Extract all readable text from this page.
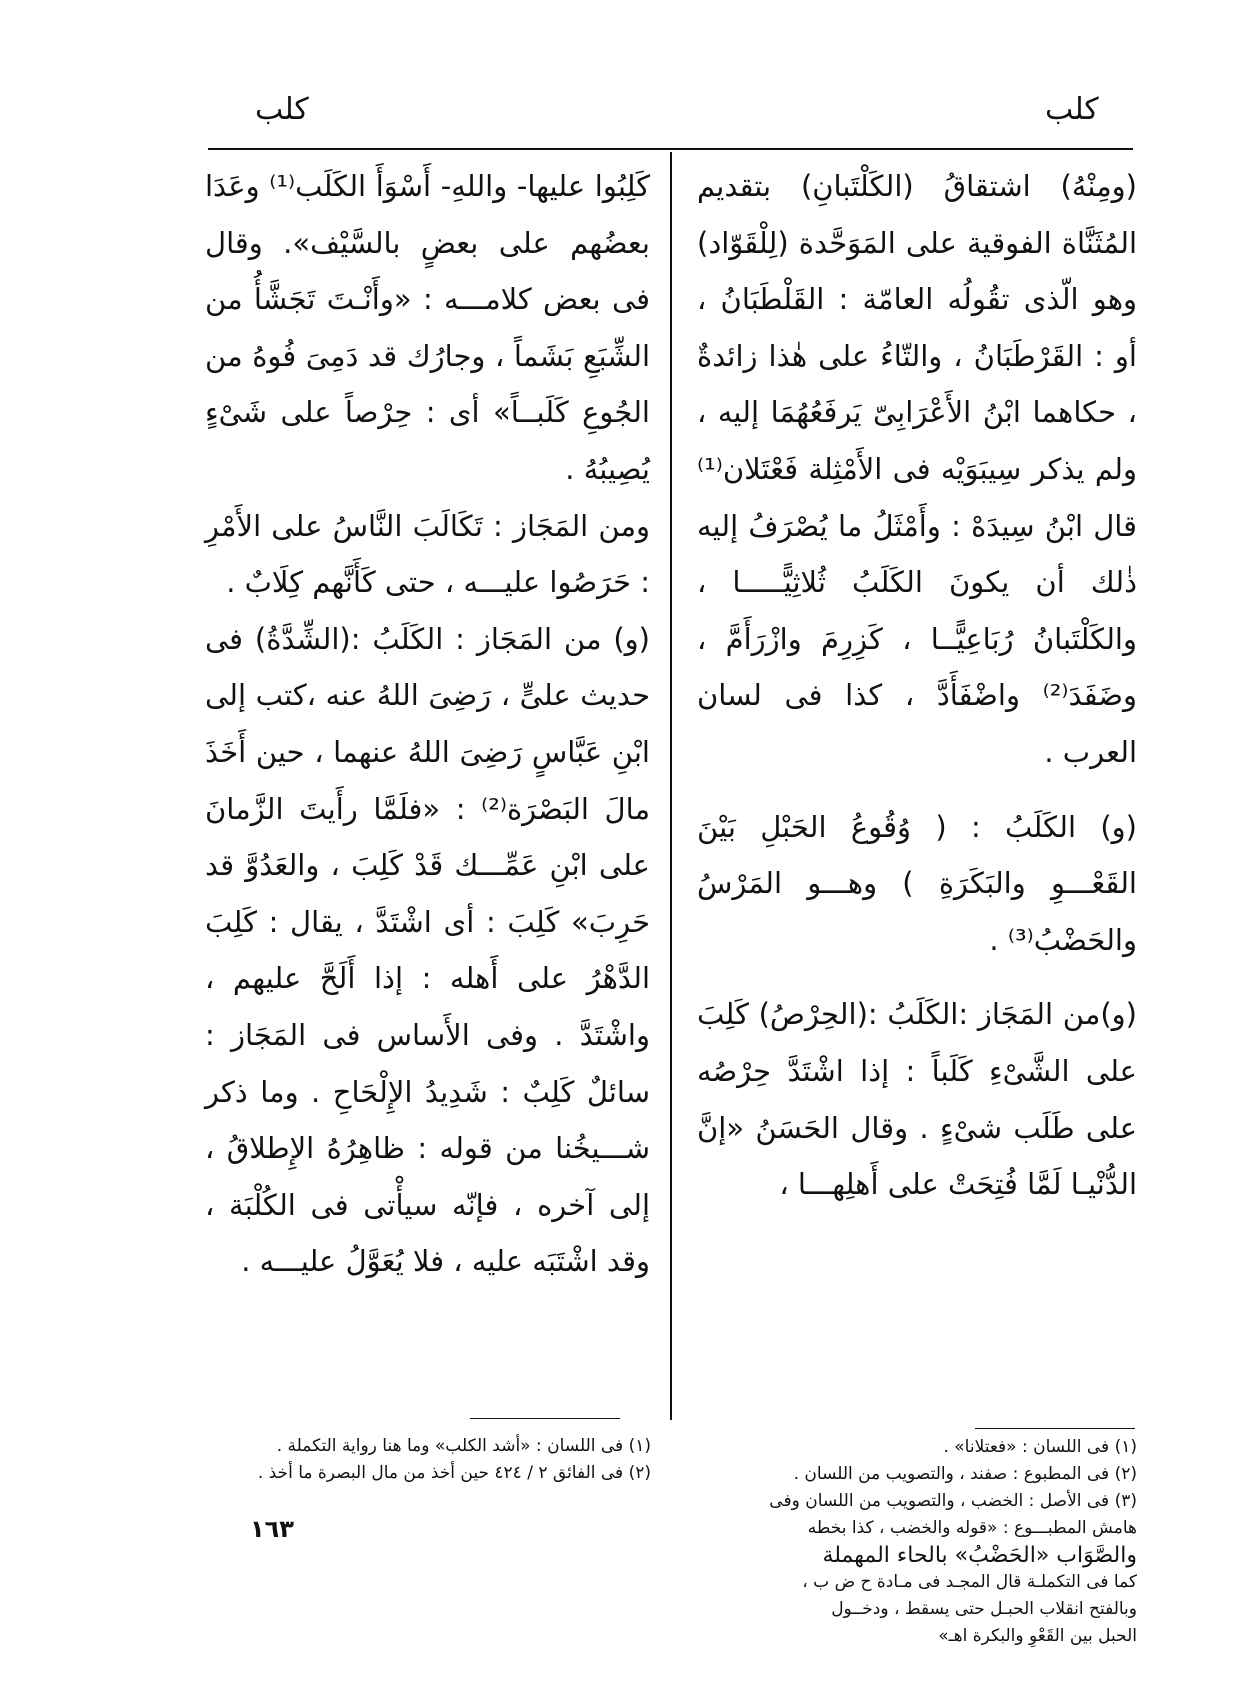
كلب	كلب

(ومِنْهُ) اشتقاقُ (الكَلْتَبانِ) بتقديم المُثَنَّاة الفوقية على المَوَحَّدة (لِلْقَوّاد) وهو الّذى تقُولُه العامّة : القَلْطَبَانُ ، أو : القَرْطَبَانُ ، والتّاءُ على هٰذا زائدةٌ ، حكاهما ابْنُ الأَعْرَابِىّ يَرفَعُهُمَا إليه ، ولم يذكر سِيبَوَيْه فى الأَمْثِلة فَعْتَلان⁽¹⁾ قال ابْنُ سِيدَهْ : وأَمْثَلُ ما يُصْرَفُ إليه ذٰلك أن يكونَ الكَلَبُ ثُلاثِيًّـــــا ، والكَلْتَبانُ رُبَاعِيًّــا ، كَزِرِمَ وازْرَأَمَّ ، وضَفَدَ⁽²⁾ واضْفَأَدَّ ، كذا فى لسان العرب .

(و) الكَلَبُ : ( وُقُوعُ الحَبْلِ بَيْنَ القَعْـــوِ والبَكَرَةِ ) وهـــو المَرْسُ والحَضْبُ⁽³⁾ .

(و)من المَجَاز :الكَلَبُ :(الحِرْصُ) كَلِبَ على الشَّىْءِ كَلَباً : إذا اشْتَدَّ حِرْصُه على طَلَب شىْءٍ . وقال الحَسَنُ «إنَّ الدُّنْيـا لَمَّا فُتِحَتْ على أَهلِهـــا ،

كَلِبُوا عليها- واللهِ- أَسْوَأَ الكَلَب⁽¹⁾ وعَدَا بعضُهم على بعضٍ بالسَّيْف». وقال فى بعض كلامـــه : «وأَنْـتَ تَجَشَّأُ من الشِّبَعِ بَشَماً ، وجارُك قد دَمِىَ فُوهُ من الجُوعِ كَلَبــاً» أى : حِرْصاً على شَىْءٍ يُصِيبُهُ .

ومن المَجَاز : تَكَالَبَ النَّاسُ على الأَمْرِ : حَرَصُوا عليـــه ، حتى كَأَنَّهم كِلَابٌ .

(و) من المَجَاز : الكَلَبُ :(الشِّدَّةُ) فى حديث علىٍّ ، رَضِىَ اللهُ عنه ،كتب إلى ابْنِ عَبَّاسٍ رَضِىَ اللهُ عنهما ، حين أَخَذَ مالَ البَصْرَة⁽²⁾ : «فلَمَّا رأَيتَ الزَّمانَ على ابْنِ عَمِّـــك قَدْ كَلِبَ ، والعَدُوَّ قد حَرِبَ» كَلِبَ : أى اشْتَدَّ ، يقال : كَلِبَ الدَّهْرُ على أَهله : إذا أَلَحَّ عليهم ، واشْتَدَّ . وفى الأَساس فى المَجَاز : سائلٌ كَلِبٌ : شَدِيدُ الإِلْحَاحِ . وما ذكر شـــيخُنا من قوله : ظاهِرُهُ الإِطلاقُ ، إلى آخره ، فإنّه سيأْتى فى الكُلْبَة ، وقد اشْتَبَه عليه ، فلا يُعَوَّلُ عليـــه .

(١) فى اللسان : «فعتلانا» .
(٢) فى المطبوع : صفند ، والتصويب من اللسان .
(٣) فى الأصل : الخضب ، والتصويب من اللسان وفى
هامش المطبـــوع : «قوله والخضب ، كذا بخطه
والصَّوَاب «الحَضْبُ» بالحاء المهملة
كما فى التكملـة قال المجـد فى مـادة ح ض ب ،
وبالفتح انقلاب الحبـل حتى يسقط ، ودخــول
الحبل بين القَعْوِ والبكرة اهـ»
(١) فى اللسان : «أشد الكلب» وما هنا رواية التكملة .
(٢) فى الفائق ٢ / ٤٢٤ حين أخذ من مال البصرة ما أخذ .
١٦٣
